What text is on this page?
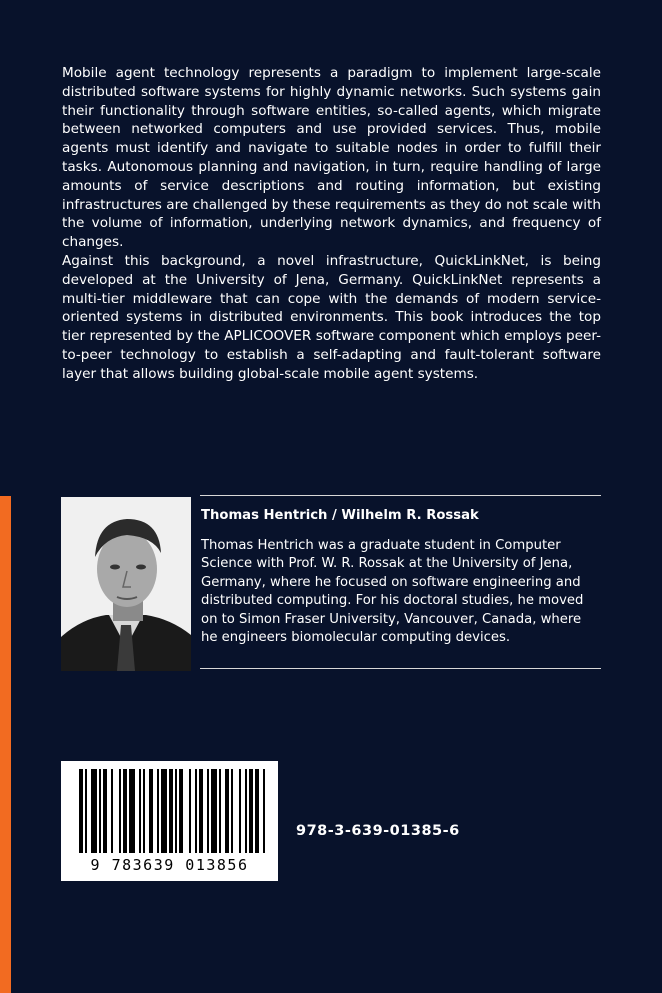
Mobile agent technology represents a paradigm to implement large-scale distributed software systems for highly dynamic networks. Such systems gain their functionality through software entities, so-called agents, which migrate between networked computers and use provided services. Thus, mobile agents must identify and navigate to suitable nodes in order to fulfill their tasks. Autonomous planning and navigation, in turn, require handling of large amounts of service descriptions and routing information, but existing infrastructures are challenged by these requirements as they do not scale with the volume of information, underlying network dynamics, and frequency of changes.

Against this background, a novel infrastructure, QuickLinkNet, is being developed at the University of Jena, Germany. QuickLinkNet represents a multi-tier middleware that can cope with the demands of modern service-oriented systems in distributed environments. This book introduces the top tier represented by the APLICOOVER software component which employs peer-to-peer technology to establish a self-adapting and fault-tolerant software layer that allows building global-scale mobile agent systems.

Thomas Hentrich / Wilhelm R. Rossak

Thomas Hentrich was a graduate student in Computer Science with Prof. W. R. Rossak at the University of Jena, Germany, where he focused on software engineering and distributed computing. For his doctoral studies, he moved on to Simon Fraser University, Vancouver, Canada, where he engineers biomolecular computing devices.

9 783639 013856
978-3-639-01385-6
